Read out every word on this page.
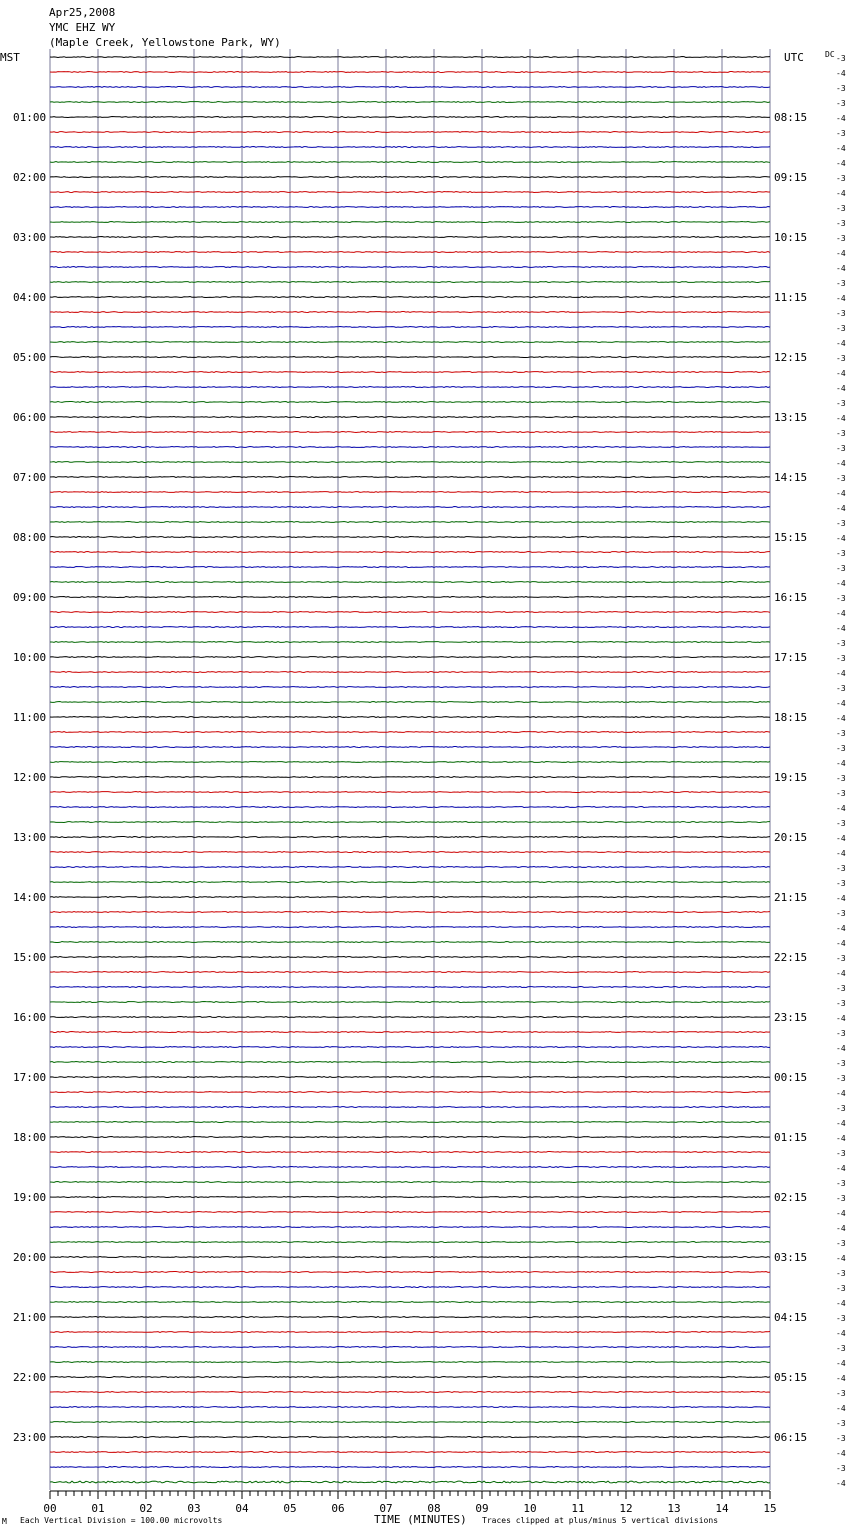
Apr25,2008
YMC EHZ WY
(Maple Creek, Yellowstone Park, WY)
MST	UTC	DC
01:00
02:00
03:00
04:00
05:00
06:00
07:00
08:00
09:00
10:00
11:00
12:00
13:00
14:00
15:00
16:00
17:00
18:00
19:00
20:00
21:00
22:00
23:00
08:15
09:15
10:15
11:15
12:15
13:15
14:15
15:15
16:15
17:15
18:15
19:15
20:15
21:15
22:15
23:15
00:15
01:15
02:15
03:15
04:15
05:15
06:15
-3
-4
-3
-3
-4
-3
-4
-4
-3
-4
-3
-3
-3
-4
-4
-3
-4
-3
-3
-4
-3
-4
-4
-3
-4
-3
-3
-4
-3
-4
-4
-3
-4
-3
-3
-4
-3
-4
-4
-3
-3
-4
-3
-4
-4
-3
-3
-4
-3
-3
-4
-3
-4
-4
-3
-3
-4
-3
-4
-4
-3
-4
-3
-3
-4
-3
-4
-3
-3
-4
-3
-4
-4
-3
-4
-3
-3
-4
-4
-3
-4
-3
-3
-4
-3
-4
-3
-4
-4
-3
-4
-3
-3
-4
-3
-4
00	01	02	03	04	05	06	07	08	09	10	11	12	13	14	15
M Each Vertical Division = 100.00 microvolts	TIME (MINUTES) Traces clipped at plus/minus 5 vertical divisions
